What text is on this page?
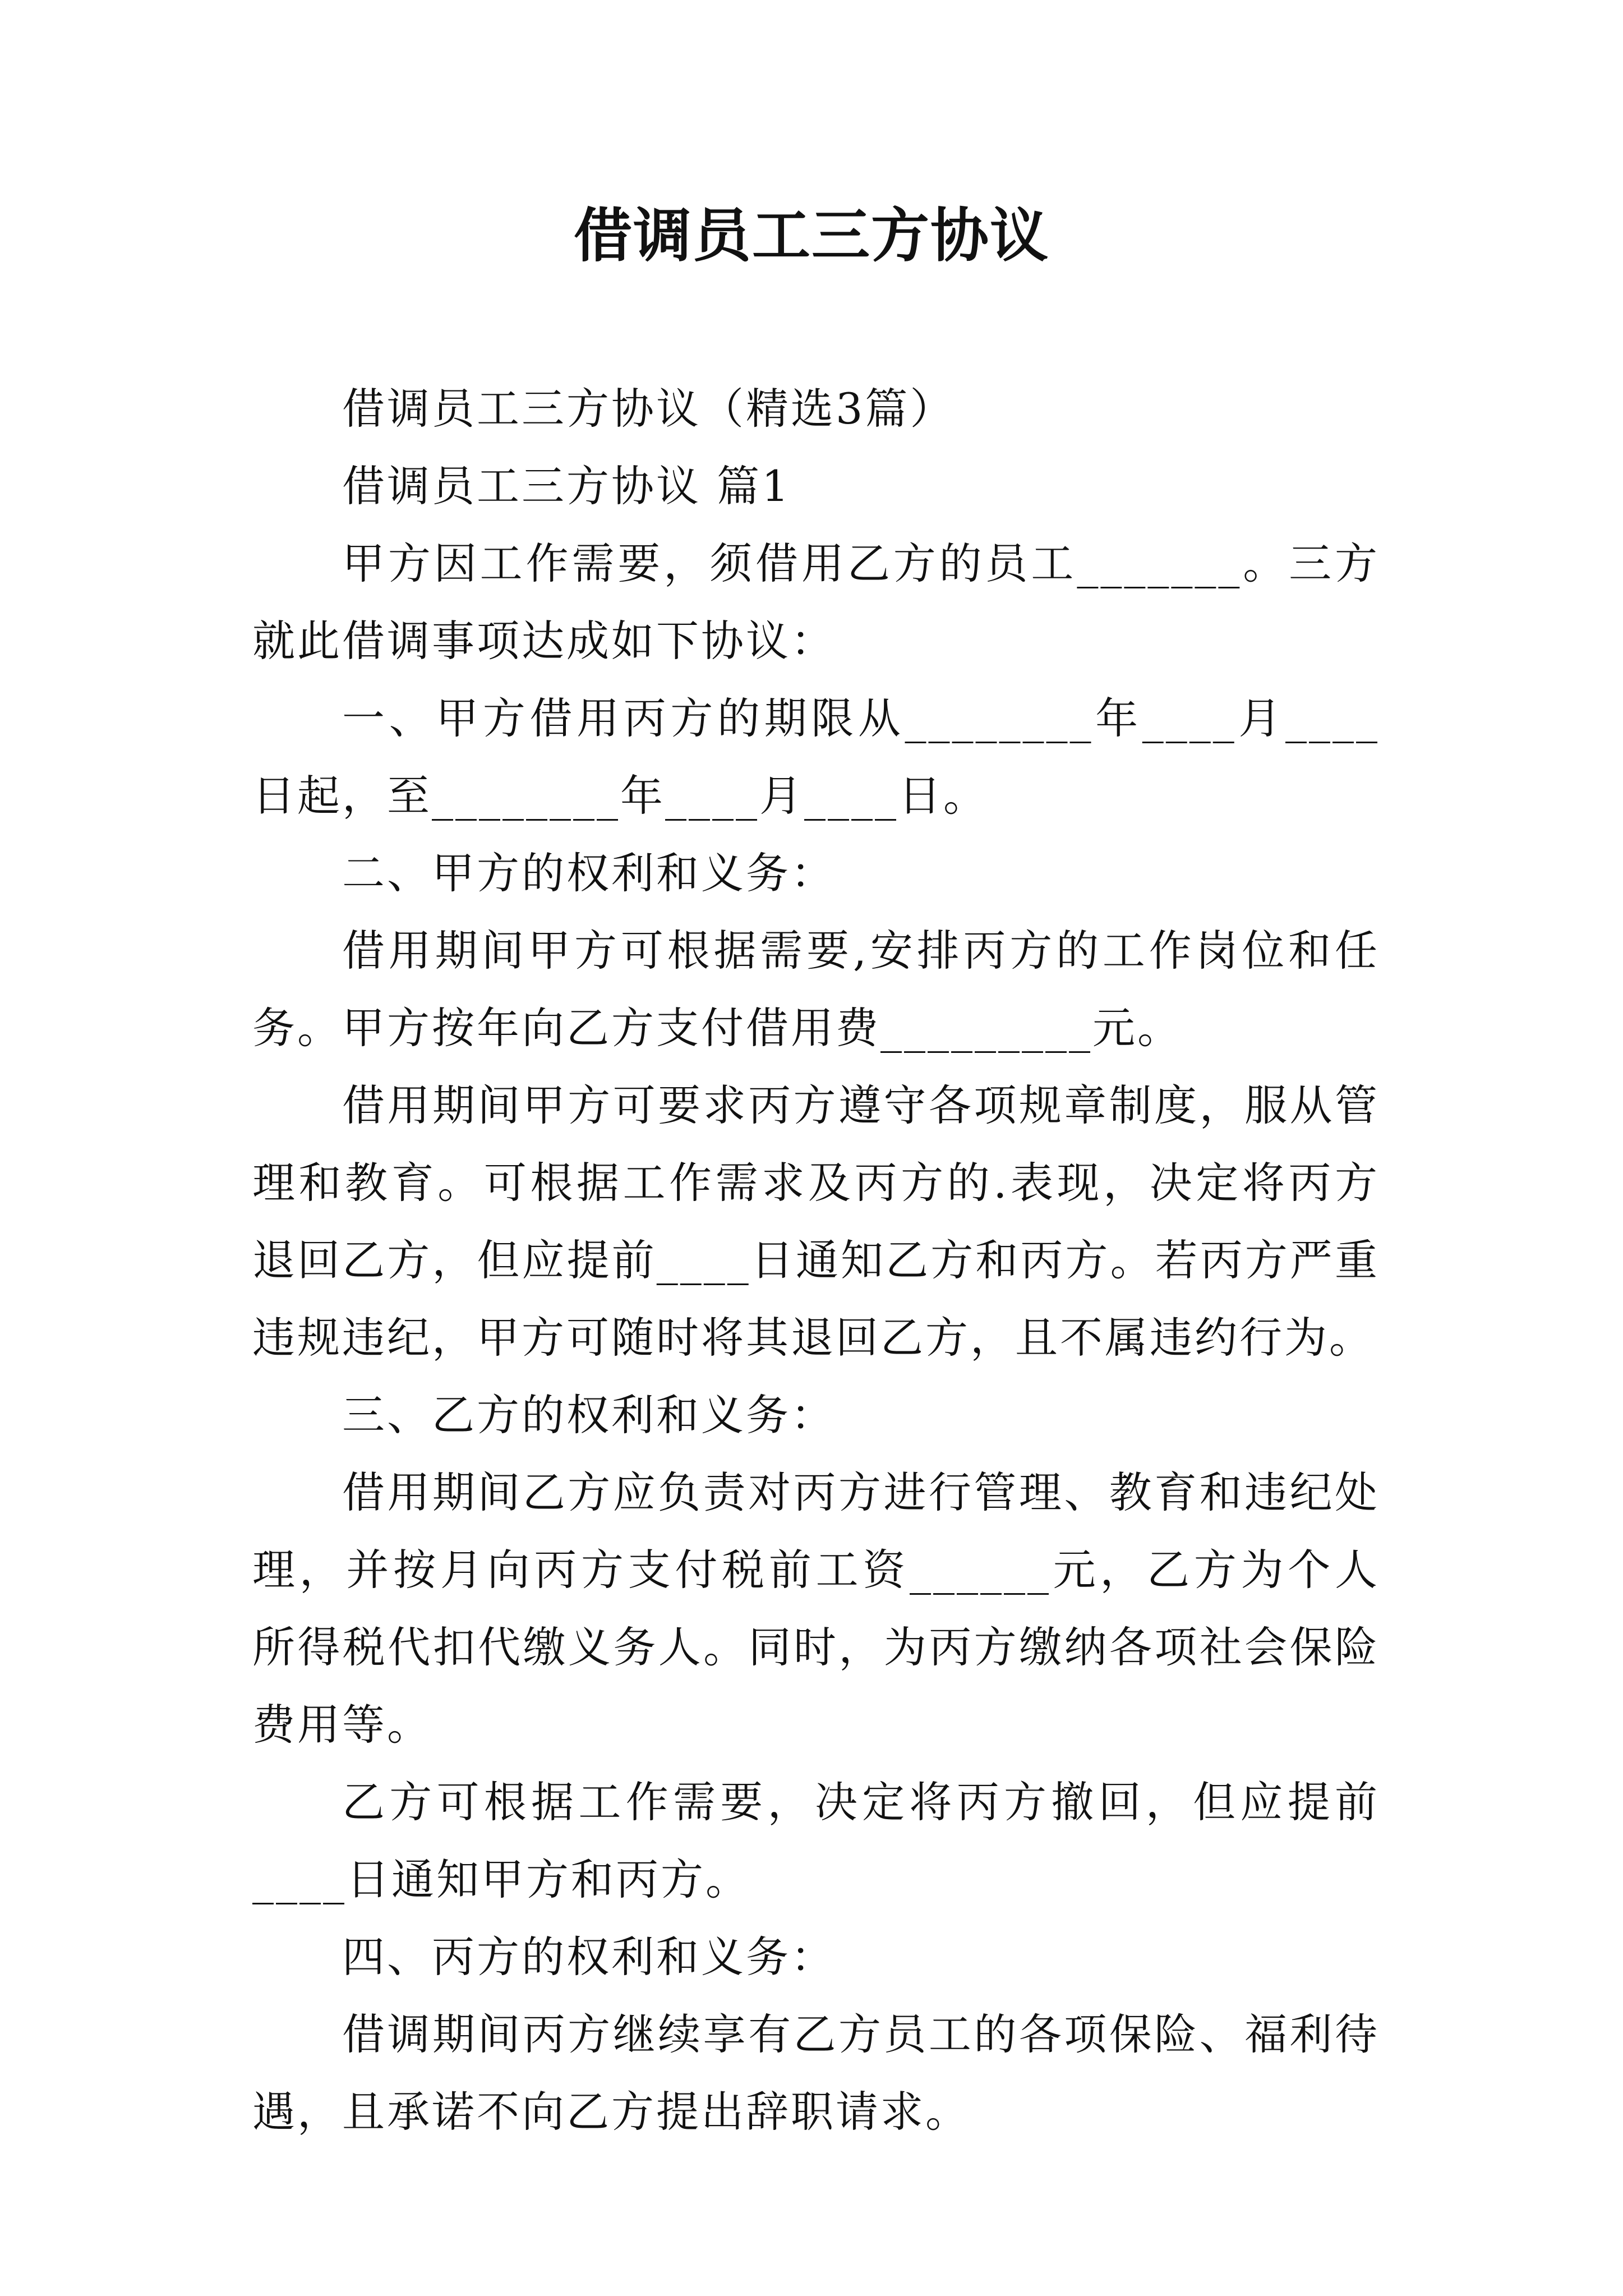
借调员工三方协议

借调员工三方协议（精选3篇）

借调员工三方协议 篇1

甲方因工作需要，须借用乙方的员工_______。三方就此借调事项达成如下协议：

一、甲方借用丙方的期限从________年____月____日起，至________年____月____日。

二、甲方的权利和义务：

借用期间甲方可根据需要,安排丙方的工作岗位和任务。甲方按年向乙方支付借用费_________元。

借用期间甲方可要求丙方遵守各项规章制度，服从管理和教育。可根据工作需求及丙方的.表现，决定将丙方退回乙方，但应提前____日通知乙方和丙方。若丙方严重违规违纪，甲方可随时将其退回乙方，且不属违约行为。

三、乙方的权利和义务：

借用期间乙方应负责对丙方进行管理、教育和违纪处理，并按月向丙方支付税前工资______元，乙方为个人所得税代扣代缴义务人。同时，为丙方缴纳各项社会保险费用等。

乙方可根据工作需要，决定将丙方撤回，但应提前____日通知甲方和丙方。

四、丙方的权利和义务：

借调期间丙方继续享有乙方员工的各项保险、福利待遇，且承诺不向乙方提出辞职请求。
